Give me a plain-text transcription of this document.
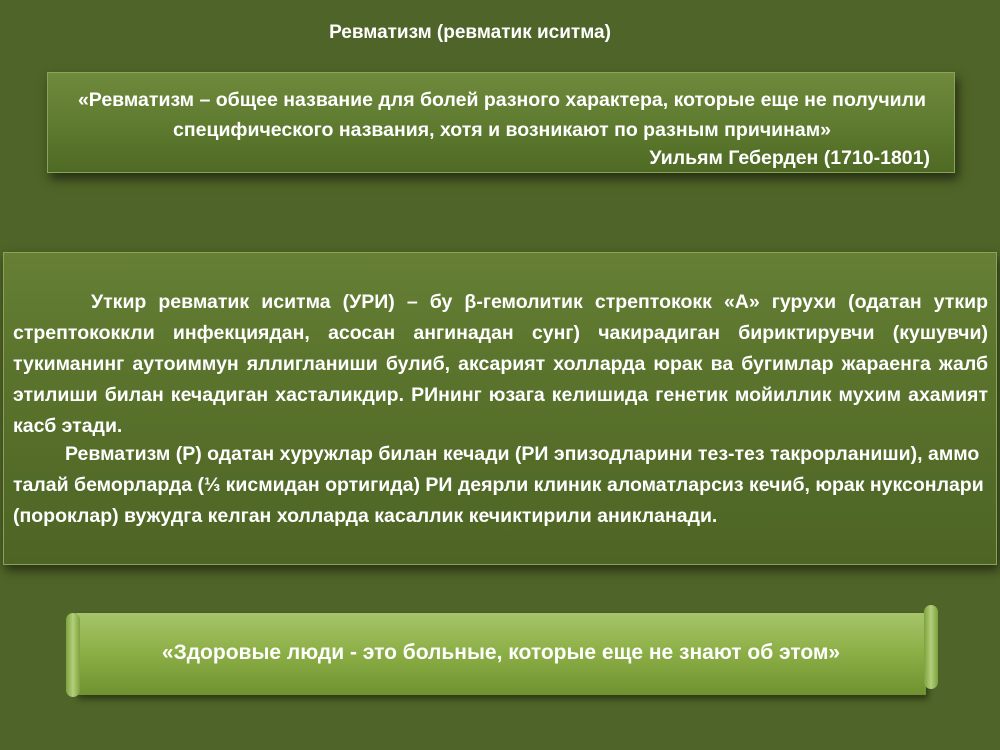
Ревматизм (ревматик иситма)
«Ревматизм – общее название для болей разного характера, которые еще не получили специфического названия, хотя и возникают по разным причинам»
Уильям Геберден (1710-1801)

Уткир ревматик иситма (УРИ) – бу β-гемолитик стрептококк «А» гурухи (одатан уткир стрептококкли инфекциядан, асосан ангинадан сунг) чакирадиган бириктирувчи (кушувчи) тукиманинг аутоиммун яллигланиши булиб, аксарият холларда юрак ва бугимлар жараенга жалб этилиши билан кечадиган хасталикдир. РИнинг юзага келишида генетик мойиллик мухим ахамият касб этади.

Ревматизм (Р) одатан хуружлар билан кечади (РИ эпизодларини тез-тез такрорланиши), аммо талай беморларда (⅓ кисмидан ортигида) РИ деярли клиник аломатларсиз кечиб, юрак нуксонлари (пороклар) вужудга келган холларда касаллик кечиктирили аникланади.

«Здоровые люди - это больные, которые еще не знают об этом»
